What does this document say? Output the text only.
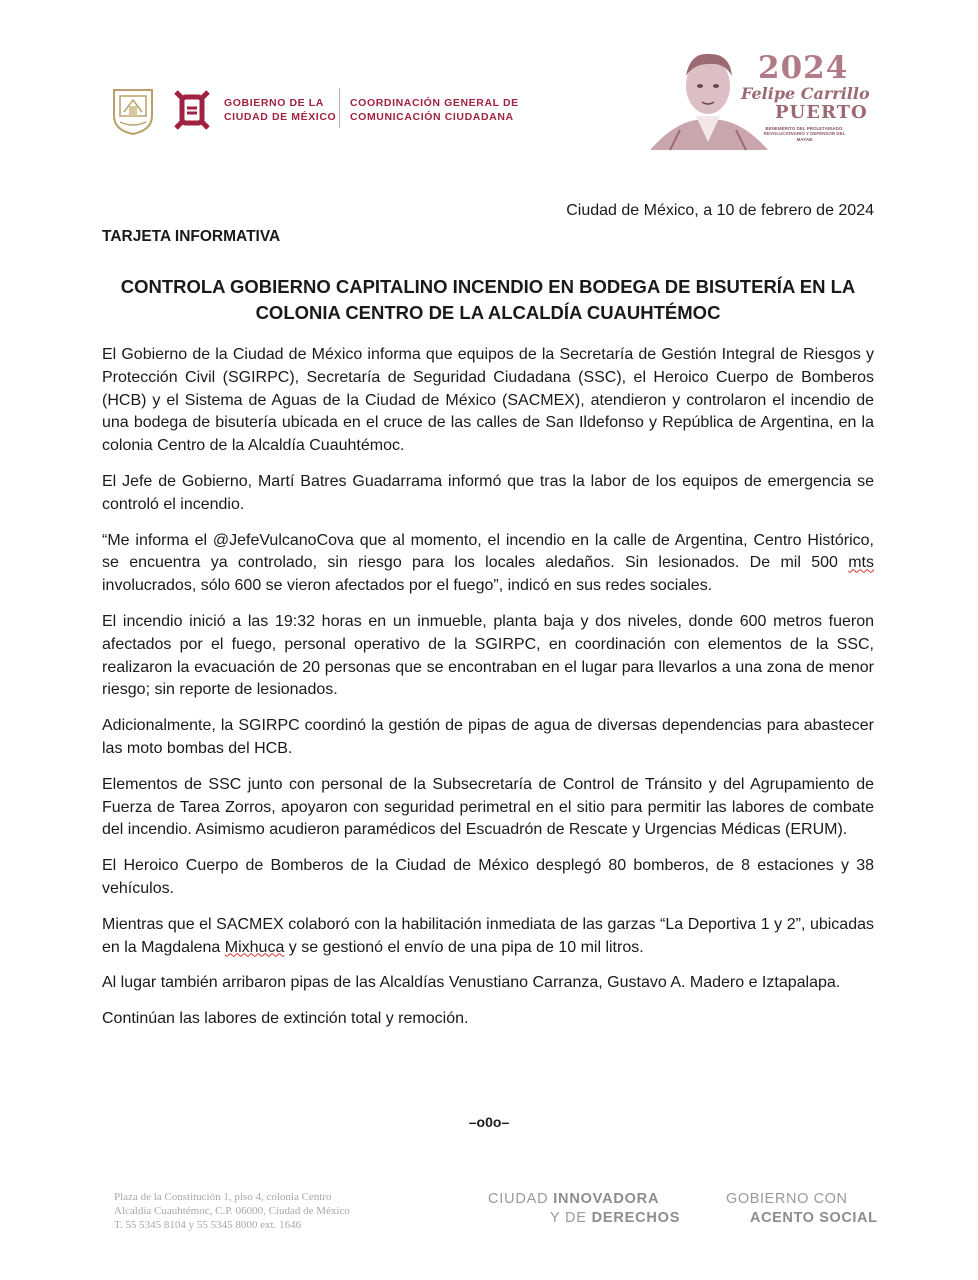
GOBIERNO DE LA
CIUDAD DE MÉXICO
COORDINACIÓN GENERAL DE
COMUNICACIÓN CIUDADANA
2024
Felipe Carrillo
PUERTO
BENEMÉRITO DEL PROLETARIADO, REVOLUCIONARIO Y DEFENSOR DEL MAYAB
Ciudad de México, a 10 de febrero de 2024
TARJETA INFORMATIVA
CONTROLA GOBIERNO CAPITALINO INCENDIO EN BODEGA DE BISUTERÍA EN LA
COLONIA CENTRO DE LA ALCALDÍA CUAUHTÉMOC

El Gobierno de la Ciudad de México informa que equipos de la Secretaría de Gestión Integral de Riesgos y Protección Civil (SGIRPC), Secretaría de Seguridad Ciudadana (SSC), el Heroico Cuerpo de Bomberos (HCB) y el Sistema de Aguas de la Ciudad de México (SACMEX), atendieron y controlaron el incendio de una bodega de bisutería ubicada en el cruce de las calles de San Ildefonso y República de Argentina, en la colonia Centro de la Alcaldía Cuauhtémoc.

El Jefe de Gobierno, Martí Batres Guadarrama informó que tras la labor de los equipos de emergencia se controló el incendio.

“Me informa el @JefeVulcanoCova que al momento, el incendio en la calle de Argentina, Centro Histórico, se encuentra ya controlado, sin riesgo para los locales aledaños. Sin lesionados. De mil 500 mts involucrados, sólo 600 se vieron afectados por el fuego”, indicó en sus redes sociales.

El incendio inició a las 19:32 horas en un inmueble, planta baja y dos niveles, donde 600 metros fueron afectados por el fuego, personal operativo de la SGIRPC, en coordinación con elementos de la SSC, realizaron la evacuación de 20 personas que se encontraban en el lugar para llevarlos a una zona de menor riesgo; sin reporte de lesionados.

Adicionalmente, la SGIRPC coordinó la gestión de pipas de agua de diversas dependencias para abastecer las moto bombas del HCB.

Elementos de SSC junto con personal de la Subsecretaría de Control de Tránsito y del Agrupamiento de Fuerza de Tarea Zorros, apoyaron con seguridad perimetral en el sitio para permitir las labores de combate del incendio. Asimismo acudieron paramédicos del Escuadrón de Rescate y Urgencias Médicas (ERUM).

El Heroico Cuerpo de Bomberos de la Ciudad de México desplegó 80 bomberos, de 8 estaciones y 38 vehículos.

Mientras que el SACMEX colaboró con la habilitación inmediata de las garzas “La Deportiva 1 y 2”, ubicadas en la Magdalena Mixhuca y se gestionó el envío de una pipa de 10 mil litros.

Al lugar también arribaron pipas de las Alcaldías Venustiano Carranza, Gustavo A. Madero e Iztapalapa.

Continúan las labores de extinción total y remoción.

–o0o–
Plaza de la Constitución 1, piso 4, colonia Centro
Alcaldía Cuauhtémoc, C.P. 06000, Ciudad de México
T. 55 5345 8104 y 55 5345 8000 ext. 1646
CIUDAD INNOVADORA
Y DE DERECHOS
GOBIERNO CON
ACENTO SOCIAL
